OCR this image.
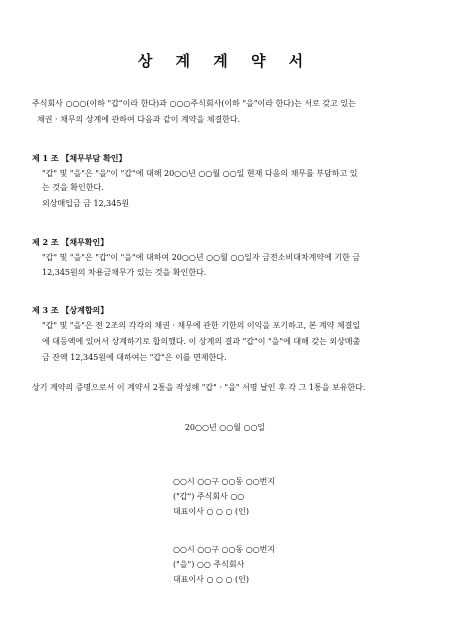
상 계 계 약 서
주식회사 ○○○(이하 "갑"이라 한다)과 ○○○주식회사(이하 "을"이라 한다)는 서로 갖고 있는
채권 · 채무의 상계에 관하여 다음과 같이 계약을 체결한다.
제 1 조 【채무부담 확인】
"갑" 및 "을"은 "을"이 "갑"에 대해 20○○년 ○○월 ○○일 현재 다음의 채무를 부담하고 있
는 것을 확인한다.
외상매입금 금 12,345원
제 2 조 【채무확인】
"갑" 및 "을"은 "갑"이 "을"에 대하여 20○○년 ○○월 ○○일자 금전소비대차계약에 기한 금
12,345원의 차용금채무가 있는 것을 확인한다.
제 3 조 【상계합의】
"갑" 및 "을"은 전 2조의 각각의 채권 · 채무에 관한 기한의 이익을 포기하고, 본 계약 체결일
에 대등액에 있어서 상계하기로 합의했다. 이 상계의 결과 "갑"이 "을"에 대해 갖는 외상매출
금 잔액 12,345원에 대하여는 "갑"은 이를 면제한다.
상기 계약의 증명으로서 이 계약서 2통을 작성해 "갑" · "을" 서명 날인 후 각 그 1통을 보유한다.
20○○년 ○○월 ○○일
○○시 ○○구 ○○동 ○○번지
("갑") 주식회사 ○○
대표이사 ○ ○ ○ (인)
○○시 ○○구 ○○동 ○○번지
("을") ○○ 주식회사
대표이사 ○ ○ ○ (인)
